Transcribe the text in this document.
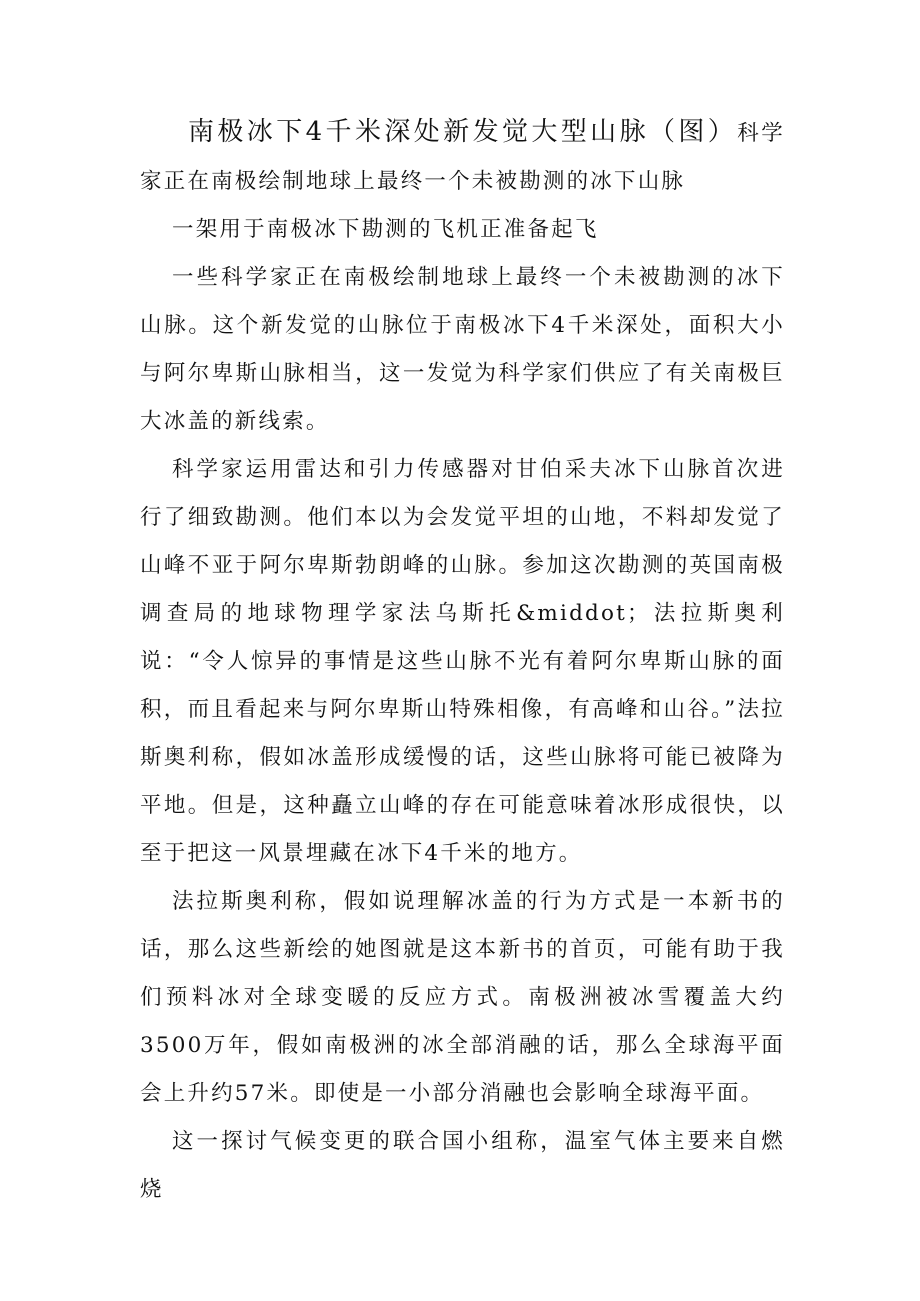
南极冰下4千米深处新发觉大型山脉（图）科学家正在南极绘制地球上最终一个未被勘测的冰下山脉

一架用于南极冰下勘测的飞机正准备起飞

一些科学家正在南极绘制地球上最终一个未被勘测的冰下山脉。这个新发觉的山脉位于南极冰下4千米深处，面积大小与阿尔卑斯山脉相当，这一发觉为科学家们供应了有关南极巨大冰盖的新线索。

科学家运用雷达和引力传感器对甘伯采夫冰下山脉首次进行了细致勘测。他们本以为会发觉平坦的山地，不料却发觉了山峰不亚于阿尔卑斯勃朗峰的山脉。参加这次勘测的英国南极调查局的地球物理学家法乌斯托&middot；法拉斯奥利说：“令人惊异的事情是这些山脉不光有着阿尔卑斯山脉的面积，而且看起来与阿尔卑斯山特殊相像，有高峰和山谷。”法拉斯奥利称，假如冰盖形成缓慢的话，这些山脉将可能已被降为平地。但是，这种矗立山峰的存在可能意味着冰形成很快，以至于把这一风景埋藏在冰下4千米的地方。

法拉斯奥利称，假如说理解冰盖的行为方式是一本新书的话，那么这些新绘的她图就是这本新书的首页，可能有助于我们预料冰对全球变暖的反应方式。南极洲被冰雪覆盖大约3500万年，假如南极洲的冰全部消融的话，那么全球海平面会上升约57米。即使是一小部分消融也会影响全球海平面。

这一探讨气候变更的联合国小组称，温室气体主要来自燃烧
